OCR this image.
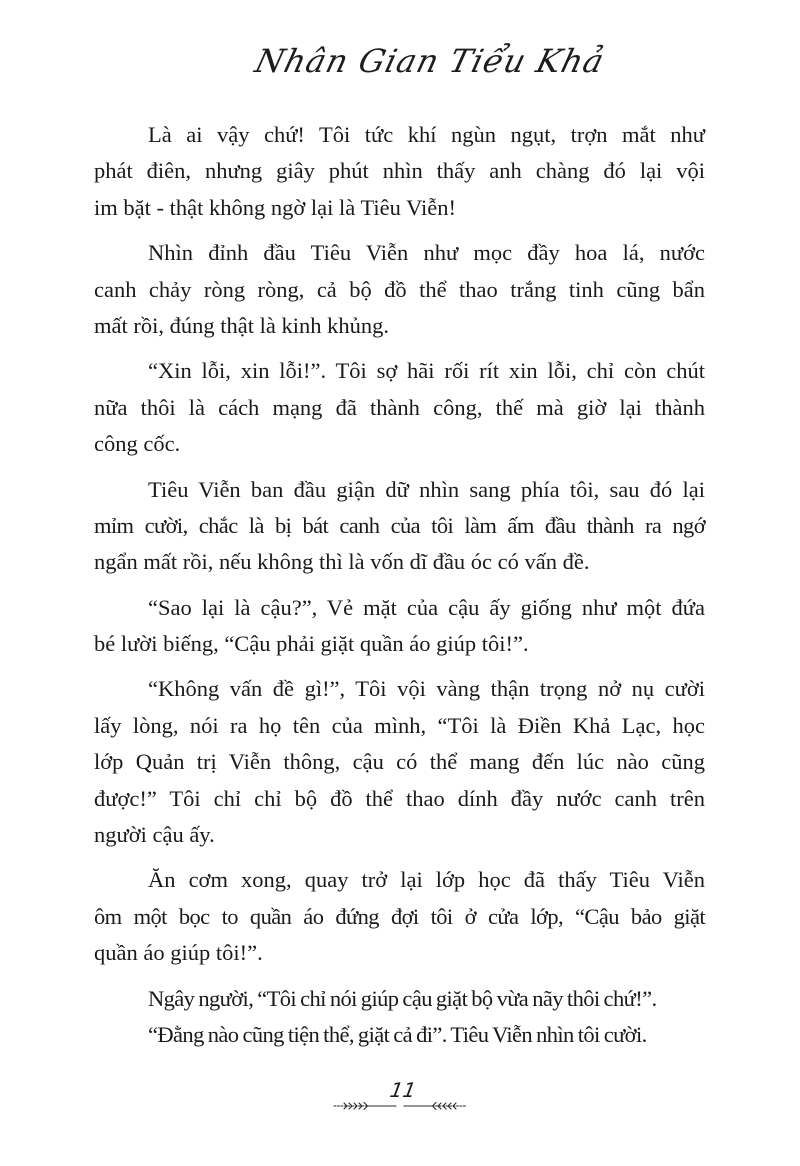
Nhân Gian Tiểu Khả
Là ai vậy chứ! Tôi tức khí ngùn ngụt, trợn mắt như
phát điên, nhưng giây phút nhìn thấy anh chàng đó lại vội
im bặt - thật không ngờ lại là Tiêu Viễn!
Nhìn đỉnh đầu Tiêu Viễn như mọc đầy hoa lá, nước
canh chảy ròng ròng, cả bộ đồ thể thao trắng tinh cũng bẩn
mất rồi, đúng thật là kinh khủng.
“Xin lỗi, xin lỗi!”. Tôi sợ hãi rối rít xin lỗi, chỉ còn chút
nữa thôi là cách mạng đã thành công, thế mà giờ lại thành
công cốc.
Tiêu Viễn ban đầu giận dữ nhìn sang phía tôi, sau đó lại
mỉm cười, chắc là bị bát canh của tôi làm ấm đầu thành ra ngớ
ngẩn mất rồi, nếu không thì là vốn dĩ đầu óc có vấn đề.
“Sao lại là cậu?”, Vẻ mặt của cậu ấy giống như một đứa
bé lười biếng, “Cậu phải giặt quần áo giúp tôi!”.
“Không vấn đề gì!”, Tôi vội vàng thận trọng nở nụ cười
lấy lòng, nói ra họ tên của mình, “Tôi là Điền Khả Lạc, học
lớp Quản trị Viễn thông, cậu có thể mang đến lúc nào cũng
được!” Tôi chỉ chỉ bộ đồ thể thao dính đầy nước canh trên
người cậu ấy.
Ăn cơm xong, quay trở lại lớp học đã thấy Tiêu Viễn
ôm một bọc to quần áo đứng đợi tôi ở cửa lớp, “Cậu bảo giặt
quần áo giúp tôi!”.
Ngây người, “Tôi chỉ nói giúp cậu giặt bộ vừa nãy thôi chứ!”.
“Đằng nào cũng tiện thể, giặt cả đi”. Tiêu Viễn nhìn tôi cười.
11
